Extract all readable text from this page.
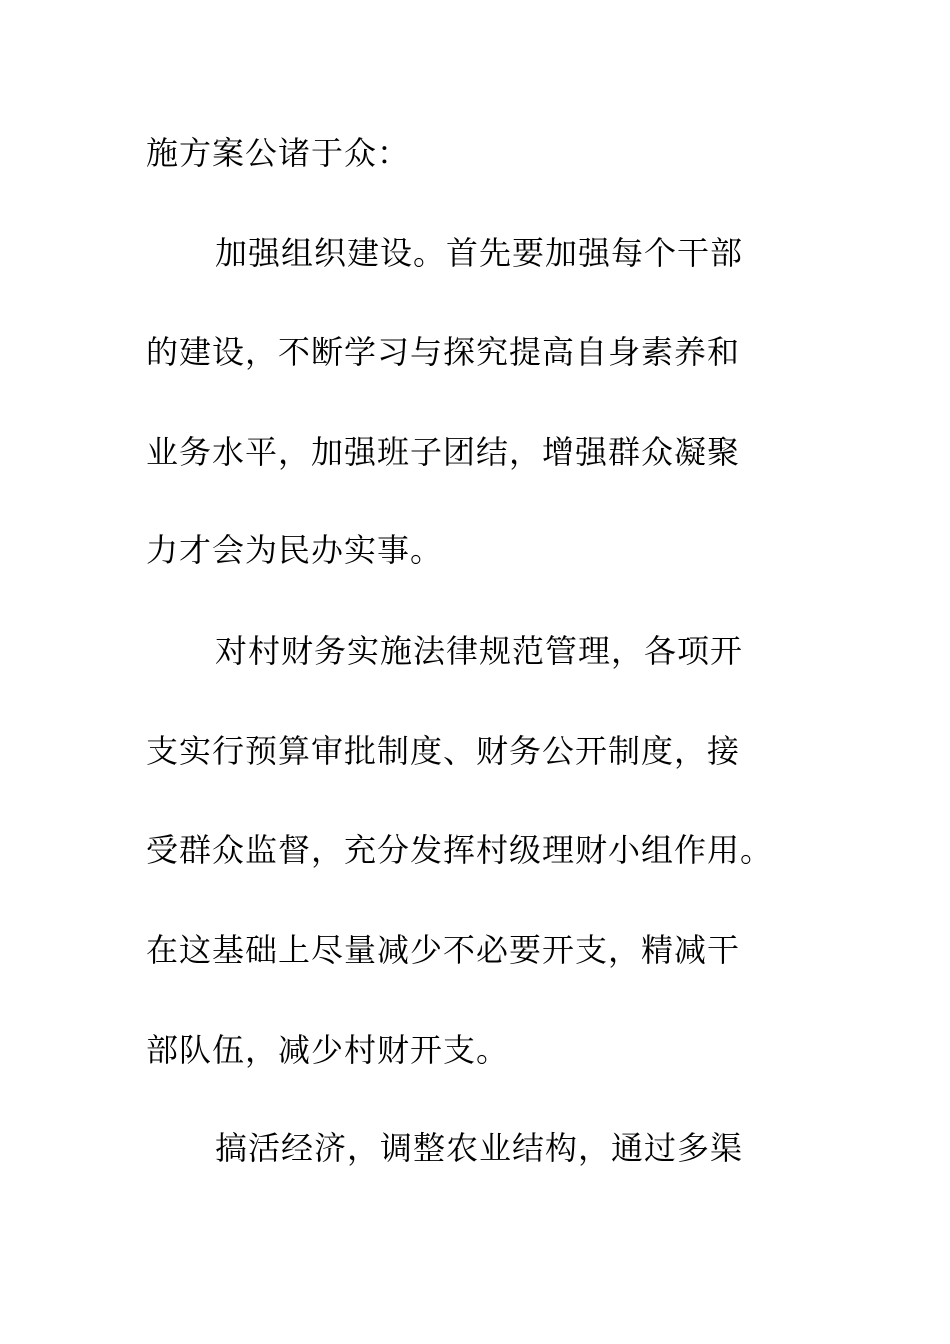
施方案公诸于众：
加强组织建设。首先要加强每个干部
的建设，不断学习与探究提高自身素养和
业务水平，加强班子团结，增强群众凝聚
力才会为民办实事。
对村财务实施法律规范管理，各项开
支实行预算审批制度、财务公开制度，接
受群众监督，充分发挥村级理财小组作用。
在这基础上尽量减少不必要开支，精减干
部队伍，减少村财开支。
搞活经济，调整农业结构，通过多渠
